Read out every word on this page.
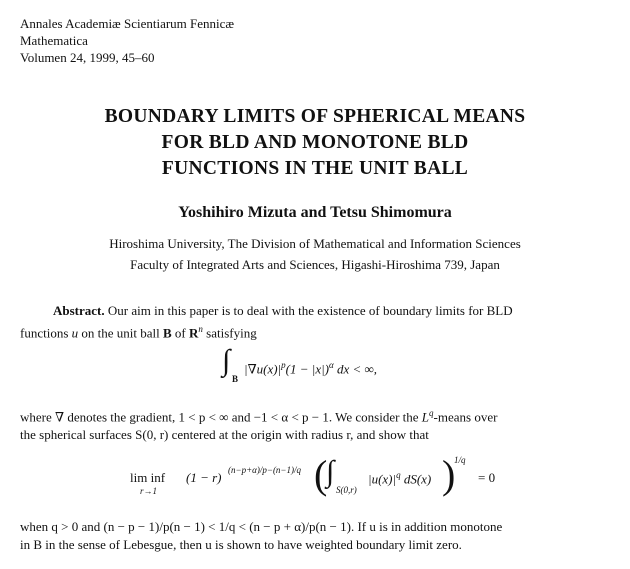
Annales Academiæ Scientiarum Fennicæ
Mathematica
Volumen 24, 1999, 45–60
BOUNDARY LIMITS OF SPHERICAL MEANS
FOR BLD AND MONOTONE BLD
FUNCTIONS IN THE UNIT BALL
Yoshihiro Mizuta and Tetsu Shimomura
Hiroshima University, The Division of Mathematical and Information Sciences
Faculty of Integrated Arts and Sciences, Higashi-Hiroshima 739, Japan
Abstract. Our aim in this paper is to deal with the existence of boundary limits for BLD
functions u on the unit ball B of $R^n$ satisfying
∫
B
$|\nabla u(x)|^p(1 - |x|)^\alpha$ dx < ∞,
where ∇ denotes the gradient, 1 < p < ∞ and −1 < α < p − 1. We consider the $L^q$-means over
the spherical surfaces S(0, r) centered at the origin with radius r, and show that
lim inf
r→1
(1 − r) (n−p+α)/p−(n−1)/q (
∫
S(0,r)
$|u(x)|^q$ dS(x) )
1/q
= 0
when q > 0 and (n − p − 1)/p(n − 1) < 1/q < (n − p + α)/p(n − 1). If u is in addition monotone
in B in the sense of Lebesgue, then u is shown to have weighted boundary limit zero.
